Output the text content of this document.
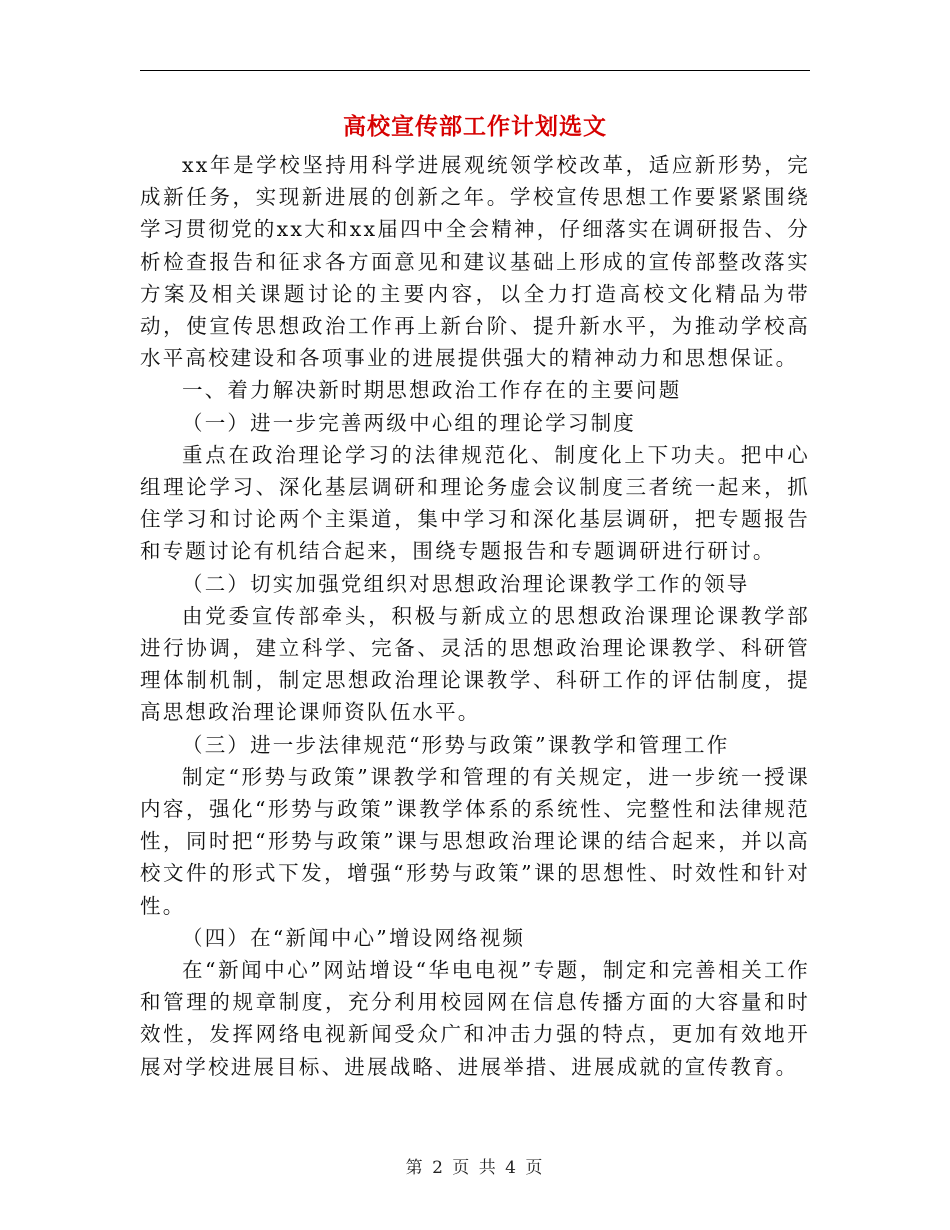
高校宣传部工作计划选文

xx年是学校坚持用科学进展观统领学校改革，适应新形势，完成新任务，实现新进展的创新之年。学校宣传思想工作要紧紧围绕学习贯彻党的xx大和xx届四中全会精神，仔细落实在调研报告、分析检查报告和征求各方面意见和建议基础上形成的宣传部整改落实方案及相关课题讨论的主要内容，以全力打造高校文化精品为带动，使宣传思想政治工作再上新台阶、提升新水平，为推动学校高水平高校建设和各项事业的进展提供强大的精神动力和思想保证。

一、着力解决新时期思想政治工作存在的主要问题

（一）进一步完善两级中心组的理论学习制度

重点在政治理论学习的法律规范化、制度化上下功夫。把中心组理论学习、深化基层调研和理论务虚会议制度三者统一起来，抓住学习和讨论两个主渠道，集中学习和深化基层调研，把专题报告和专题讨论有机结合起来，围绕专题报告和专题调研进行研讨。

（二）切实加强党组织对思想政治理论课教学工作的领导

由党委宣传部牵头，积极与新成立的思想政治课理论课教学部进行协调，建立科学、完备、灵活的思想政治理论课教学、科研管理体制机制，制定思想政治理论课教学、科研工作的评估制度，提高思想政治理论课师资队伍水平。

（三）进一步法律规范“形势与政策”课教学和管理工作

制定“形势与政策”课教学和管理的有关规定，进一步统一授课内容，强化“形势与政策”课教学体系的系统性、完整性和法律规范性，同时把“形势与政策”课与思想政治理论课的结合起来，并以高校文件的形式下发，增强“形势与政策”课的思想性、时效性和针对性。

（四）在“新闻中心”增设网络视频

在“新闻中心”网站增设“华电电视”专题，制定和完善相关工作和管理的规章制度，充分利用校园网在信息传播方面的大容量和时效性，发挥网络电视新闻受众广和冲击力强的特点，更加有效地开展对学校进展目标、进展战略、进展举措、进展成就的宣传教育。

第 2 页 共 4 页
